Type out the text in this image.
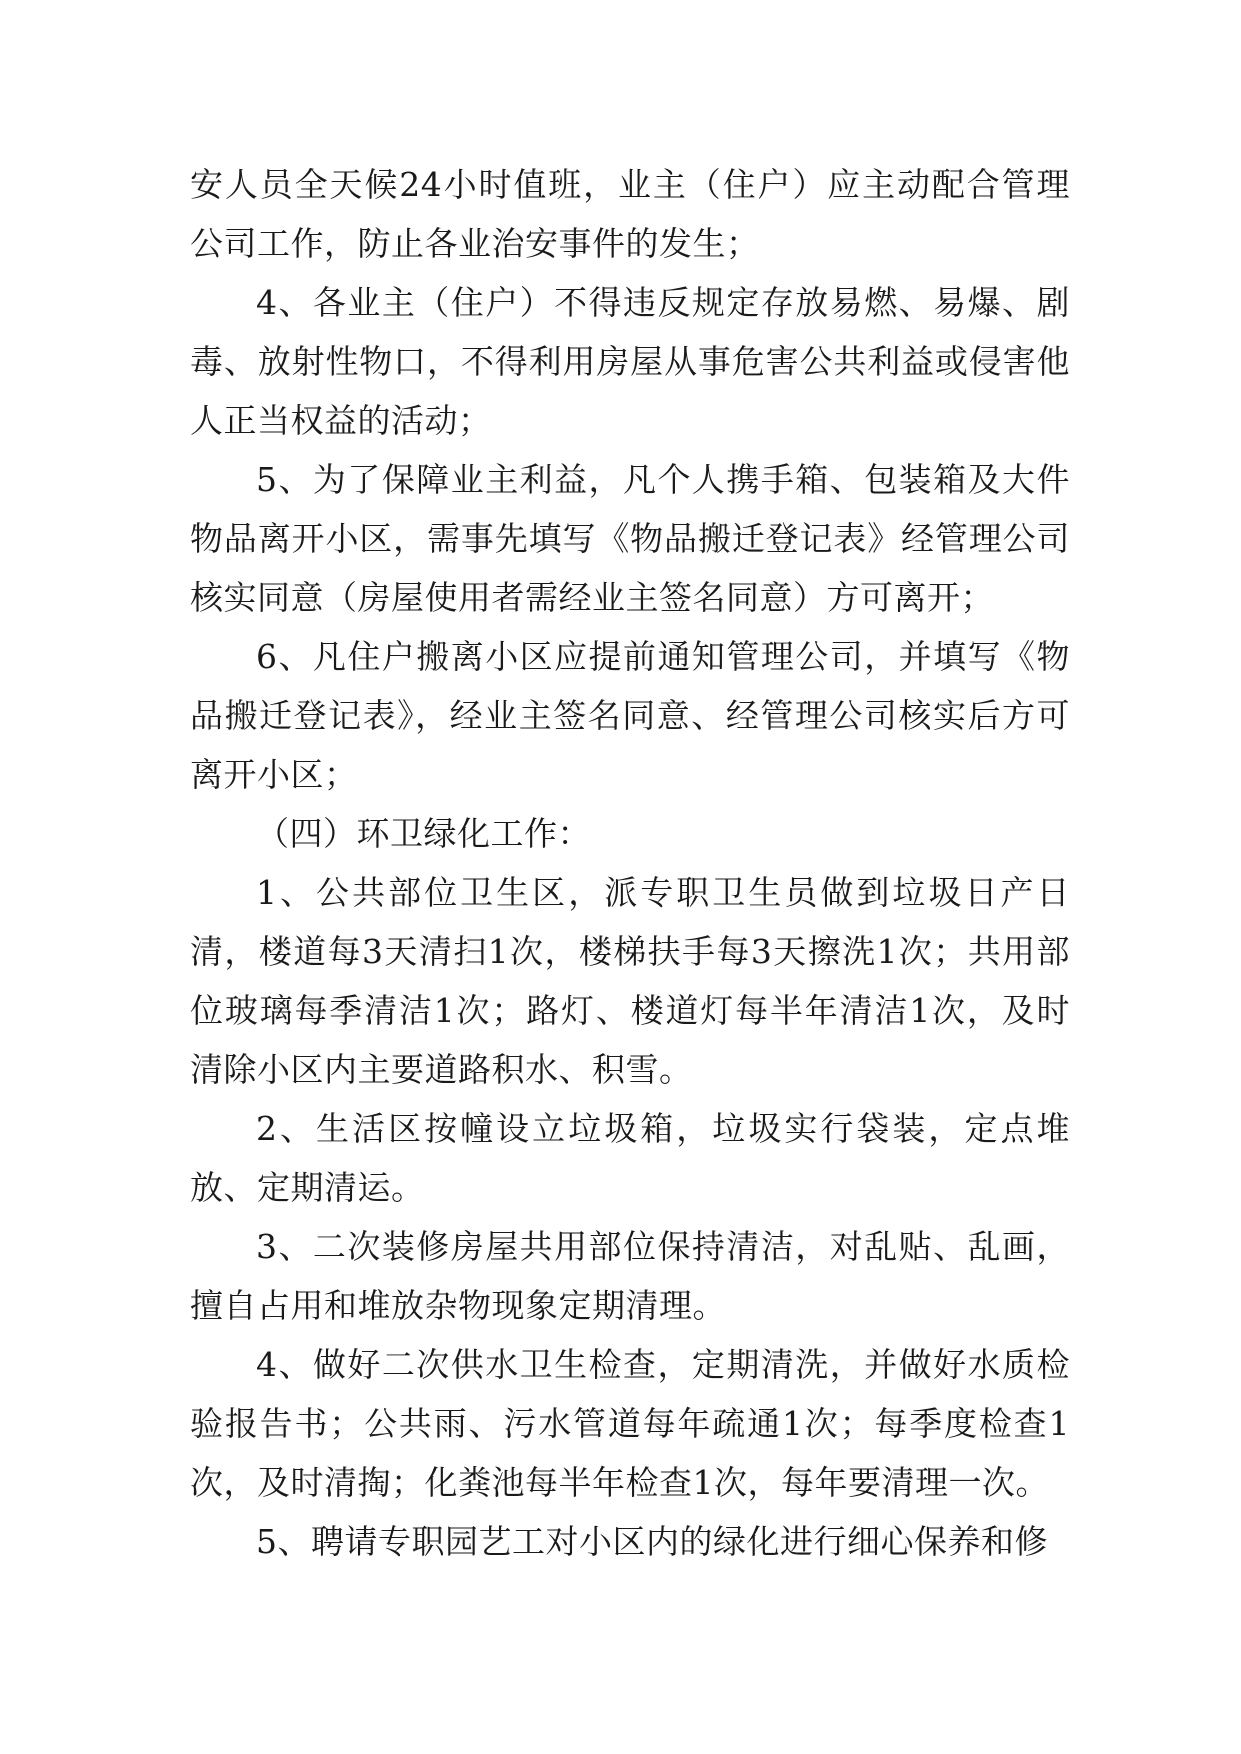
安人员全天候24小时值班，业主（住户）应主动配合管理公司工作，防止各业治安事件的发生；

4、各业主（住户）不得违反规定存放易燃、易爆、剧毒、放射性物口，不得利用房屋从事危害公共利益或侵害他人正当权益的活动；

5、为了保障业主利益，凡个人携手箱、包装箱及大件物品离开小区，需事先填写《物品搬迁登记表》经管理公司核实同意（房屋使用者需经业主签名同意）方可离开；

6、凡住户搬离小区应提前通知管理公司，并填写《物品搬迁登记表》，经业主签名同意、经管理公司核实后方可离开小区；

（四）环卫绿化工作：

1、公共部位卫生区，派专职卫生员做到垃圾日产日清，楼道每3天清扫1次，楼梯扶手每3天擦洗1次；共用部位玻璃每季清洁1次；路灯、楼道灯每半年清洁1次，及时清除小区内主要道路积水、积雪。

2、生活区按幢设立垃圾箱，垃圾实行袋装，定点堆放、定期清运。

3、二次装修房屋共用部位保持清洁，对乱贴、乱画，擅自占用和堆放杂物现象定期清理。

4、做好二次供水卫生检查，定期清洗，并做好水质检验报告书；公共雨、污水管道每年疏通1次；每季度检查1次，及时清掏；化粪池每半年检查1次，每年要清理一次。

5、聘请专职园艺工对小区内的绿化进行细心保养和修
